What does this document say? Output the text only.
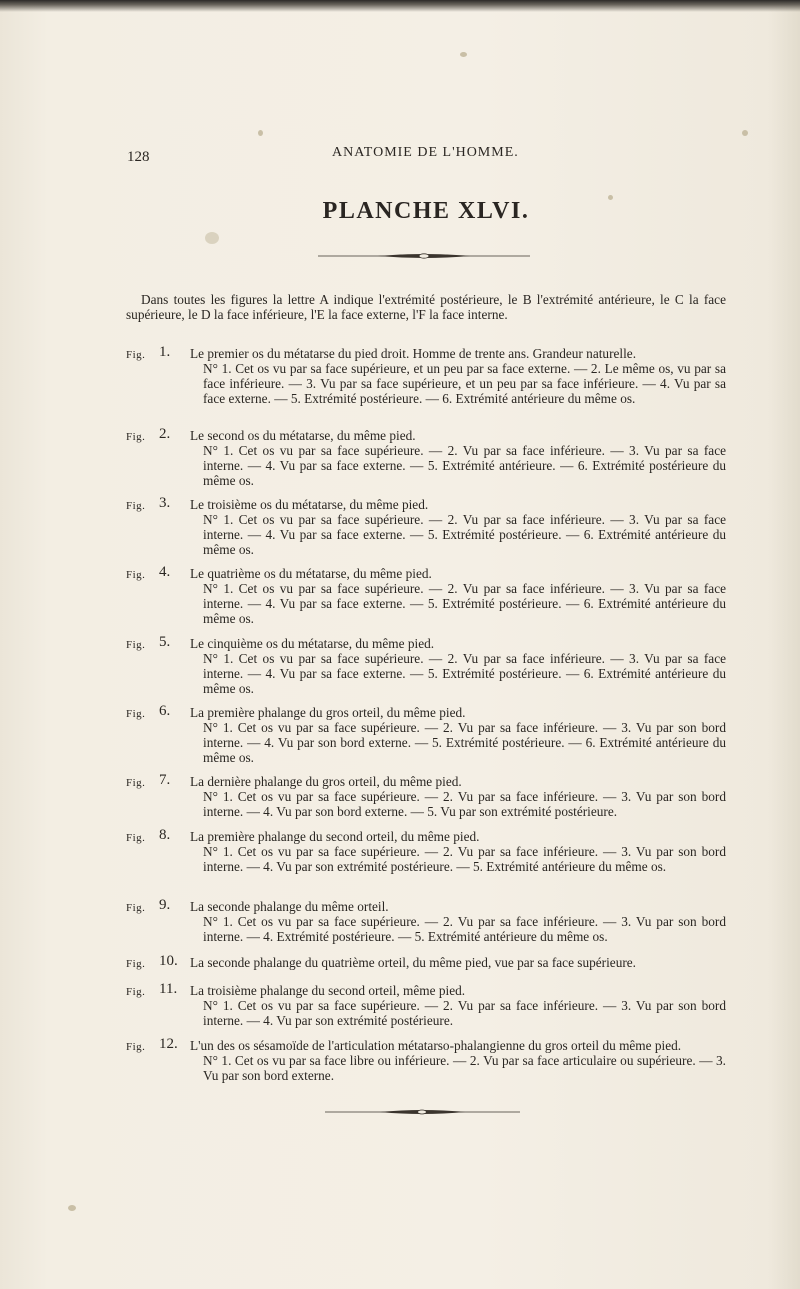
128	ANATOMIE DE L'HOMME.
PLANCHE XLVI.

Dans toutes les figures la lettre A indique l'extrémité postérieure, le B l'extrémité antérieure, le C la face supérieure, le D la face inférieure, l'E la face externe, l'F la face interne.

Fig. 1. Le premier os du métatarse du pied droit. Homme de trente ans. Grandeur naturelle.
N° 1. Cet os vu par sa face supérieure, et un peu par sa face externe. — 2. Le même os, vu par sa face inférieure. — 3. Vu par sa face supérieure, et un peu par sa face inférieure. — 4. Vu par sa face externe. — 5. Extrémité postérieure. — 6. Extrémité antérieure du même os.
Fig. 2. Le second os du métatarse, du même pied.
N° 1. Cet os vu par sa face supérieure. — 2. Vu par sa face inférieure. — 3. Vu par sa face interne. — 4. Vu par sa face externe. — 5. Extrémité antérieure. — 6. Extrémité postérieure du même os.
Fig. 3. Le troisième os du métatarse, du même pied.
N° 1. Cet os vu par sa face supérieure. — 2. Vu par sa face inférieure. — 3. Vu par sa face interne. — 4. Vu par sa face externe. — 5. Extrémité postérieure. — 6. Extrémité antérieure du même os.
Fig. 4. Le quatrième os du métatarse, du même pied.
N° 1. Cet os vu par sa face supérieure. — 2. Vu par sa face inférieure. — 3. Vu par sa face interne. — 4. Vu par sa face externe. — 5. Extrémité postérieure. — 6. Extrémité antérieure du même os.
Fig. 5. Le cinquième os du métatarse, du même pied.
N° 1. Cet os vu par sa face supérieure. — 2. Vu par sa face inférieure. — 3. Vu par sa face interne. — 4. Vu par sa face externe. — 5. Extrémité postérieure. — 6. Extrémité antérieure du même os.
Fig. 6. La première phalange du gros orteil, du même pied.
N° 1. Cet os vu par sa face supérieure. — 2. Vu par sa face inférieure. — 3. Vu par son bord interne. — 4. Vu par son bord externe. — 5. Extrémité postérieure. — 6. Extrémité antérieure du même os.
Fig. 7. La dernière phalange du gros orteil, du même pied.
N° 1. Cet os vu par sa face supérieure. — 2. Vu par sa face inférieure. — 3. Vu par son bord interne. — 4. Vu par son bord externe. — 5. Vu par son extrémité postérieure.
Fig. 8. La première phalange du second orteil, du même pied.
N° 1. Cet os vu par sa face supérieure. — 2. Vu par sa face inférieure. — 3. Vu par son bord interne. — 4. Vu par son extrémité postérieure. — 5. Extrémité antérieure du même os.
Fig. 9. La seconde phalange du même orteil.
N° 1. Cet os vu par sa face supérieure. — 2. Vu par sa face inférieure. — 3. Vu par son bord interne. — 4. Extrémité postérieure. — 5. Extrémité antérieure du même os.
Fig. 10. La seconde phalange du quatrième orteil, du même pied, vue par sa face supérieure.
Fig. 11. La troisième phalange du second orteil, même pied.
N° 1. Cet os vu par sa face supérieure. — 2. Vu par sa face inférieure. — 3. Vu par son bord interne. — 4. Vu par son extrémité postérieure.
Fig. 12. L'un des os sésamoïde de l'articulation métatarso-phalangienne du gros orteil du même pied.
N° 1. Cet os vu par sa face libre ou inférieure. — 2. Vu par sa face articulaire ou supérieure. — 3. Vu par son bord externe.
